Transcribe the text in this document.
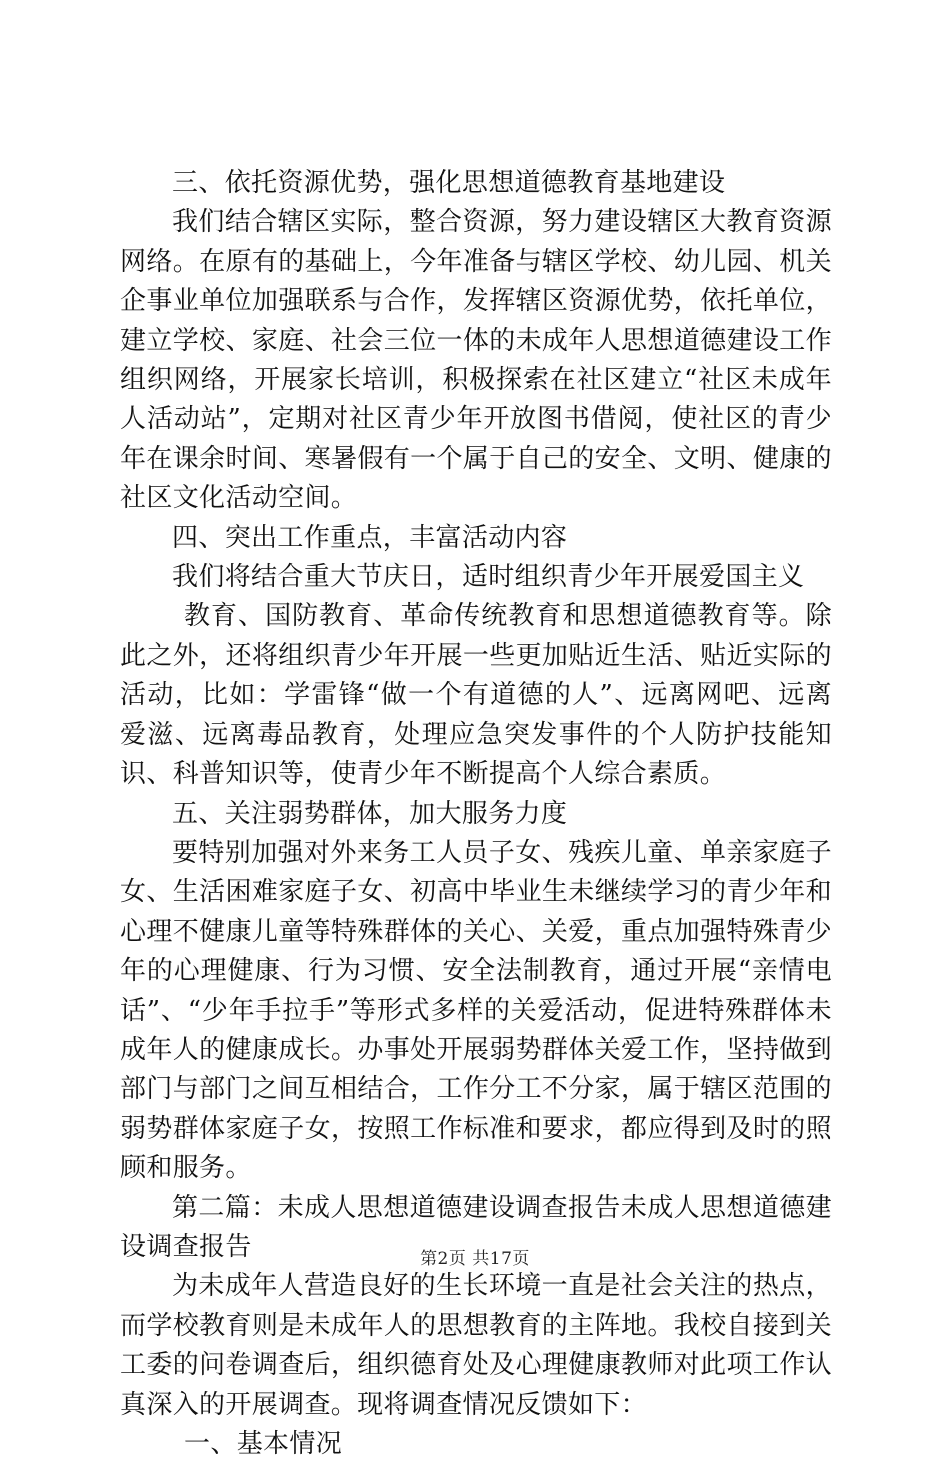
三、依托资源优势，强化思想道德教育基地建设

我们结合辖区实际，整合资源，努力建设辖区大教育资源网络。在原有的基础上，今年准备与辖区学校、幼儿园、机关企事业单位加强联系与合作，发挥辖区资源优势，依托单位，建立学校、家庭、社会三位一体的未成年人思想道德建设工作组织网络，开展家长培训，积极探索在社区建立“社区未成年人活动站”，定期对社区青少年开放图书借阅，使社区的青少年在课余时间、寒暑假有一个属于自己的安全、文明、健康的社区文化活动空间。

四、突出工作重点，丰富活动内容

我们将结合重大节庆日，适时组织青少年开展爱国主义

教育、国防教育、革命传统教育和思想道德教育等。除此之外，还将组织青少年开展一些更加贴近生活、贴近实际的活动，比如：学雷锋“做一个有道德的人”、远离网吧、远离爱滋、远离毒品教育，处理应急突发事件的个人防护技能知识、科普知识等，使青少年不断提高个人综合素质。

五、关注弱势群体，加大服务力度

要特别加强对外来务工人员子女、残疾儿童、单亲家庭子女、生活困难家庭子女、初高中毕业生未继续学习的青少年和心理不健康儿童等特殊群体的关心、关爱，重点加强特殊青少年的心理健康、行为习惯、安全法制教育，通过开展“亲情电话”、“少年手拉手”等形式多样的关爱活动，促进特殊群体未成年人的健康成长。办事处开展弱势群体关爱工作，坚持做到部门与部门之间互相结合，工作分工不分家，属于辖区范围的弱势群体家庭子女，按照工作标准和要求，都应得到及时的照顾和服务。

第二篇：未成人思想道德建设调查报告未成人思想道德建设调查报告

为未成年人营造良好的生长环境一直是社会关注的热点，而学校教育则是未成年人的思想教育的主阵地。我校自接到关工委的问卷调查后，组织德育处及心理健康教师对此项工作认真深入的开展调查。现将调查情况反馈如下：

一、基本情况

第2页 共17页
